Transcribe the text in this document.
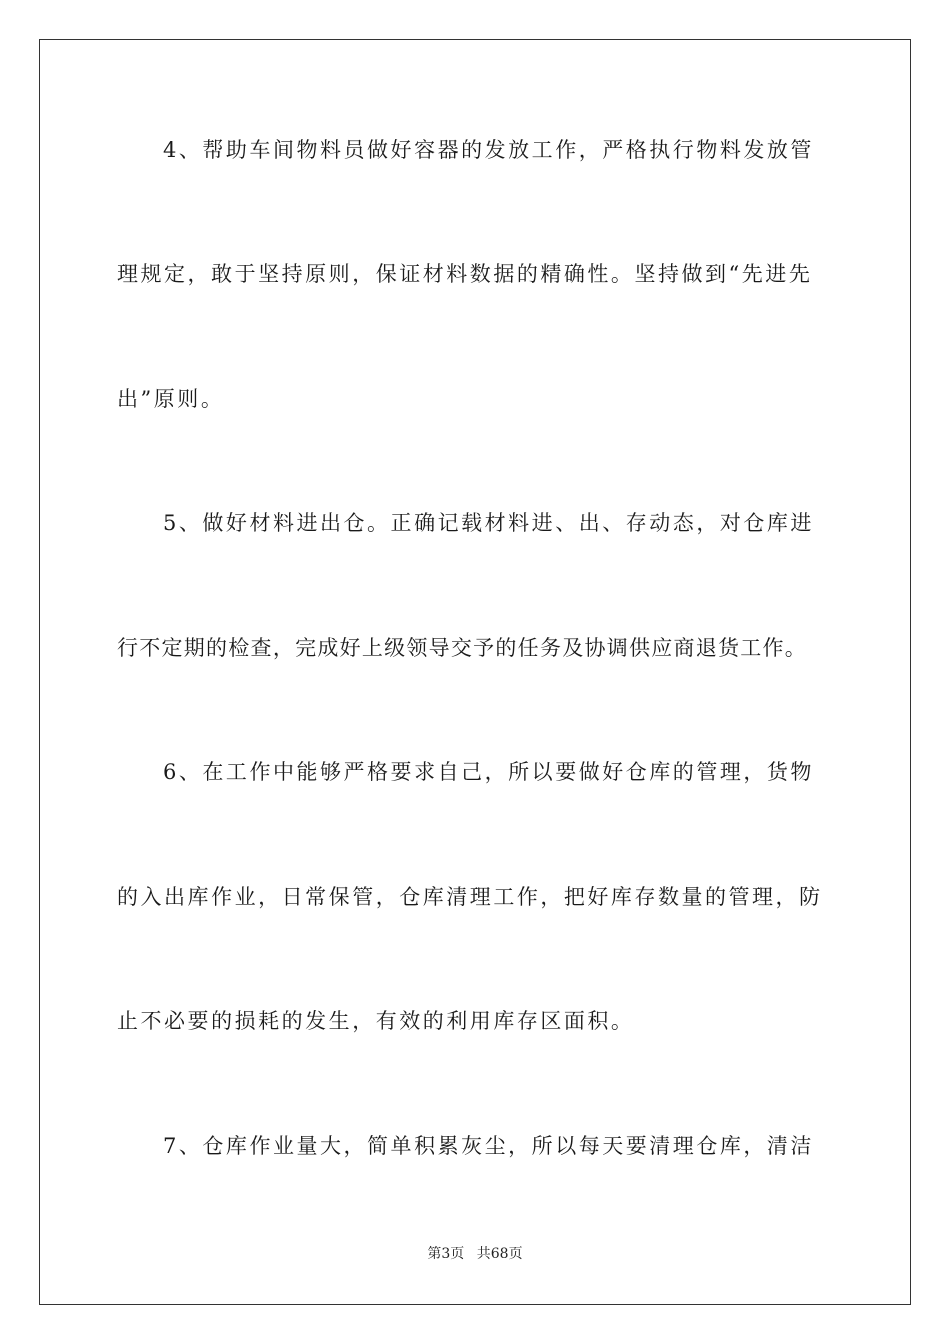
4、帮助车间物料员做好容器的发放工作，严格执行物料发放管
理规定，敢于坚持原则，保证材料数据的精确性。坚持做到“先进先
出”原则。
5、做好材料进出仓。正确记载材料进、出、存动态，对仓库进
行不定期的检查，完成好上级领导交予的任务及协调供应商退货工作。
6、在工作中能够严格要求自己，所以要做好仓库的管理，货物
的入出库作业，日常保管，仓库清理工作，把好库存数量的管理，防
止不必要的损耗的发生，有效的利用库存区面积。
7、仓库作业量大，简单积累灰尘，所以每天要清理仓库，清洁
第3页 共68页
